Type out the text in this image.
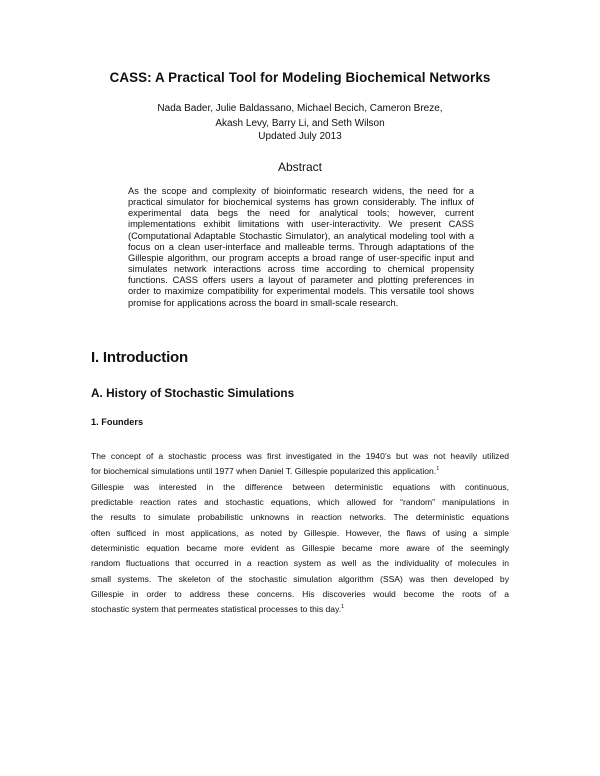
CASS: A Practical Tool for Modeling Biochemical Networks
Nada Bader, Julie Baldassano, Michael Becich, Cameron Breze,
Akash Levy, Barry Li, and Seth Wilson
Updated July 2013
Abstract
As the scope and complexity of bioinformatic research widens, the need for a
practical simulator for biochemical systems has grown considerably. The influx of
experimental data begs the need for analytical tools; however, current
implementations exhibit limitations with user-interactivity. We present CASS
(Computational Adaptable Stochastic Simulator), an analytical modeling tool with a
focus on a clean user-interface and malleable terms. Through adaptations of the
Gillespie algorithm, our program accepts a broad range of user-specific input and
simulates network interactions across time according to chemical propensity
functions. CASS offers users a layout of parameter and plotting preferences in
order to maximize compatibility for experimental models. This versatile tool shows
promise for applications across the board in small-scale research.
I. Introduction
A. History of Stochastic Simulations
1. Founders
The concept of a stochastic process was first investigated in the 1940’s but was not heavily utilized
for biochemical simulations until 1977 when Daniel T. Gillespie popularized this application.$^1$
Gillespie was interested in the difference between deterministic equations with continuous,
predictable reaction rates and stochastic equations, which allowed for “random” manipulations in
the results to simulate probabilistic unknowns in reaction networks. The deterministic equations
often sufficed in most applications, as noted by Gillespie. However, the flaws of using a simple
deterministic equation became more evident as Gillespie became more aware of the seemingly
random fluctuations that occurred in a reaction system as well as the individuality of molecules in
small systems. The skeleton of the stochastic simulation algorithm (SSA) was then developed by
Gillespie in order to address these concerns. His discoveries would become the roots of a
stochastic system that permeates statistical processes to this day.$^1$
